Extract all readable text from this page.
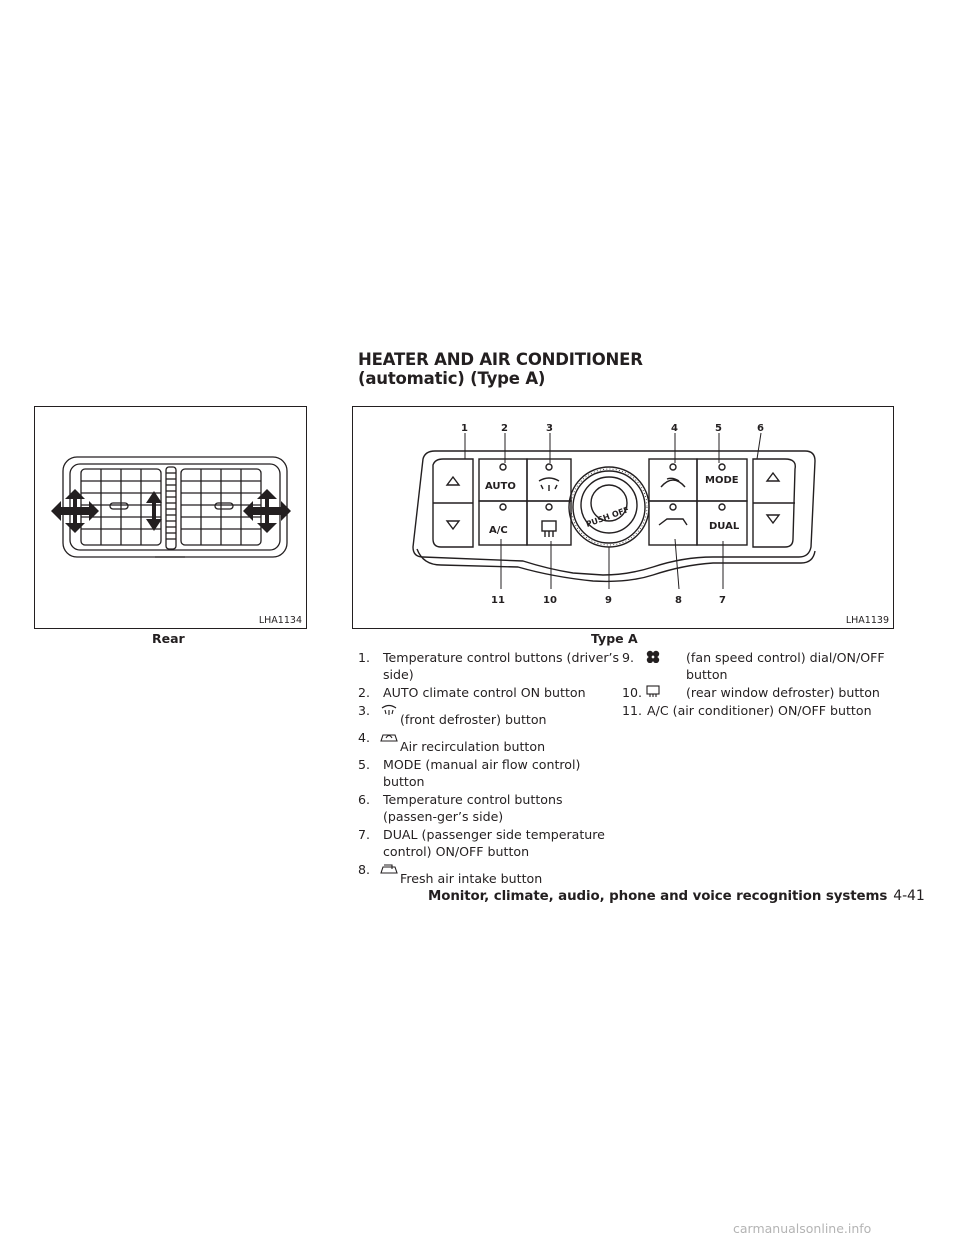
HEATER AND AIR CONDITIONER
(automatic) (Type A)
LHA1134
Rear
AUTO
A/C
MODE
DUAL
PUSH OFF
1	2	3	4	5	6
11	10	9	8	7
LHA1139
Type A
1. Temperature control buttons (driver’s side)
2. AUTO climate control ON button
3.
(front defroster) button
4.
Air recirculation button
5. MODE (manual air flow control) button
6. Temperature control buttons (passen-ger’s side)
7. DUAL (passenger side temperature control) ON/OFF button
8.
Fresh air intake button
9.	(fan speed control) dial/ON/OFF button
10.	(rear window defroster) button
11. A/C (air conditioner) ON/OFF button
Monitor, climate, audio, phone and voice recognition systems 4-41
carmanualsonline.info
